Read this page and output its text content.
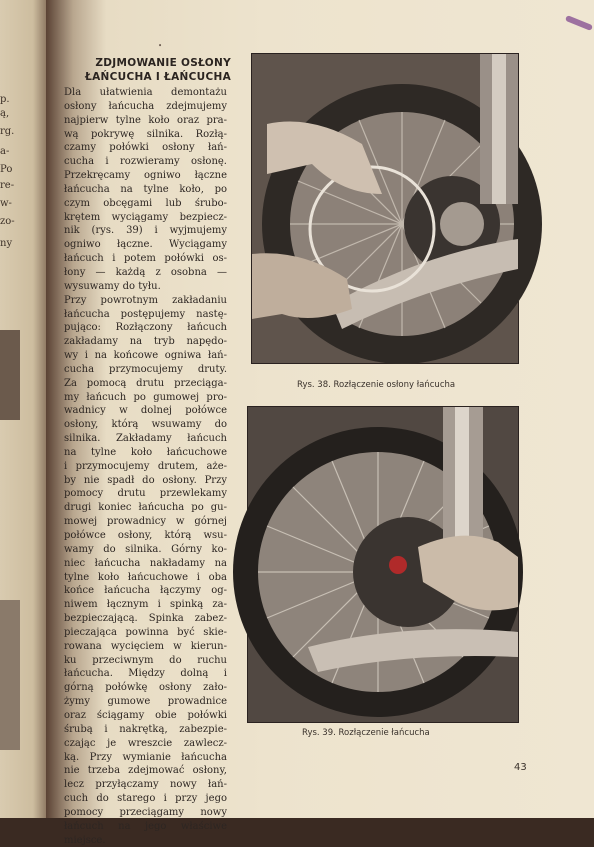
p.
ą,
rg.
a-
Po
re-
w-
zo-
ny
•
ZDJMOWANIE OSŁONY
ŁAŃCUCHA I ŁAŃCUCHA
Dla ułatwienia demontażu
osłony łańcucha zdejmujemy
najpierw tylne koło oraz pra-
wą pokrywę silnika. Rozłą-
czamy połówki osłony łań-
cucha i rozwieramy osłonę.
Przekręcamy ogniwo łączne
łańcucha na tylne koło, po
czym obcęgami lub śrubo-
krętem wyciągamy bezpiecz-
nik (rys. 39) i wyjmujemy
ogniwo łączne. Wyciągamy
łańcuch i potem połówki os-
łony — każdą z osobna —
wysuwamy do tyłu.
Przy powrotnym zakładaniu
łańcucha postępujemy nastę-
pująco: Rozłączony łańcuch
zakładamy na tryb napędo-
wy i na końcowe ogniwa łań-
cucha przymocujemy druty.
Za pomocą drutu przeciąga-
my łańcuch po gumowej pro-
wadnicy w dolnej połówce
osłony, którą wsuwamy do
silnika. Zakładamy łańcuch
na tylne koło łańcuchowe
i przymocujemy drutem, aże-
by nie spadł do osłony. Przy
pomocy drutu przewlekamy
drugi koniec łańcucha po gu-
mowej prowadnicy w górnej
połówce osłony, którą wsu-
wamy do silnika. Górny ko-
niec łańcucha nakładamy na
tylne koło łańcuchowe i oba
końce łańcucha łączymy og-
niwem łącznym i spinką za-
bezpieczającą. Spinka zabez-
pieczająca powinna być skie-
rowana wycięciem w kierun-
ku przeciwnym do ruchu
łańcucha. Między dolną i
górną połówkę osłony zało-
żymy gumowe prowadnice
oraz ściągamy obie połówki
śrubą i nakrętką, zabezpie-
czając je wreszcie zawlecz-
ką. Przy wymianie łańcucha
nie trzeba zdejmować osłony,
lecz przyłączamy nowy łań-
cuch do starego i przy jego
pomocy przeciągamy nowy
łańcuch na jego właściwe
miejsce.
Rys. 38. Rozłączenie osłony łańcucha
Rys. 39. Rozłączenie łańcucha
43
